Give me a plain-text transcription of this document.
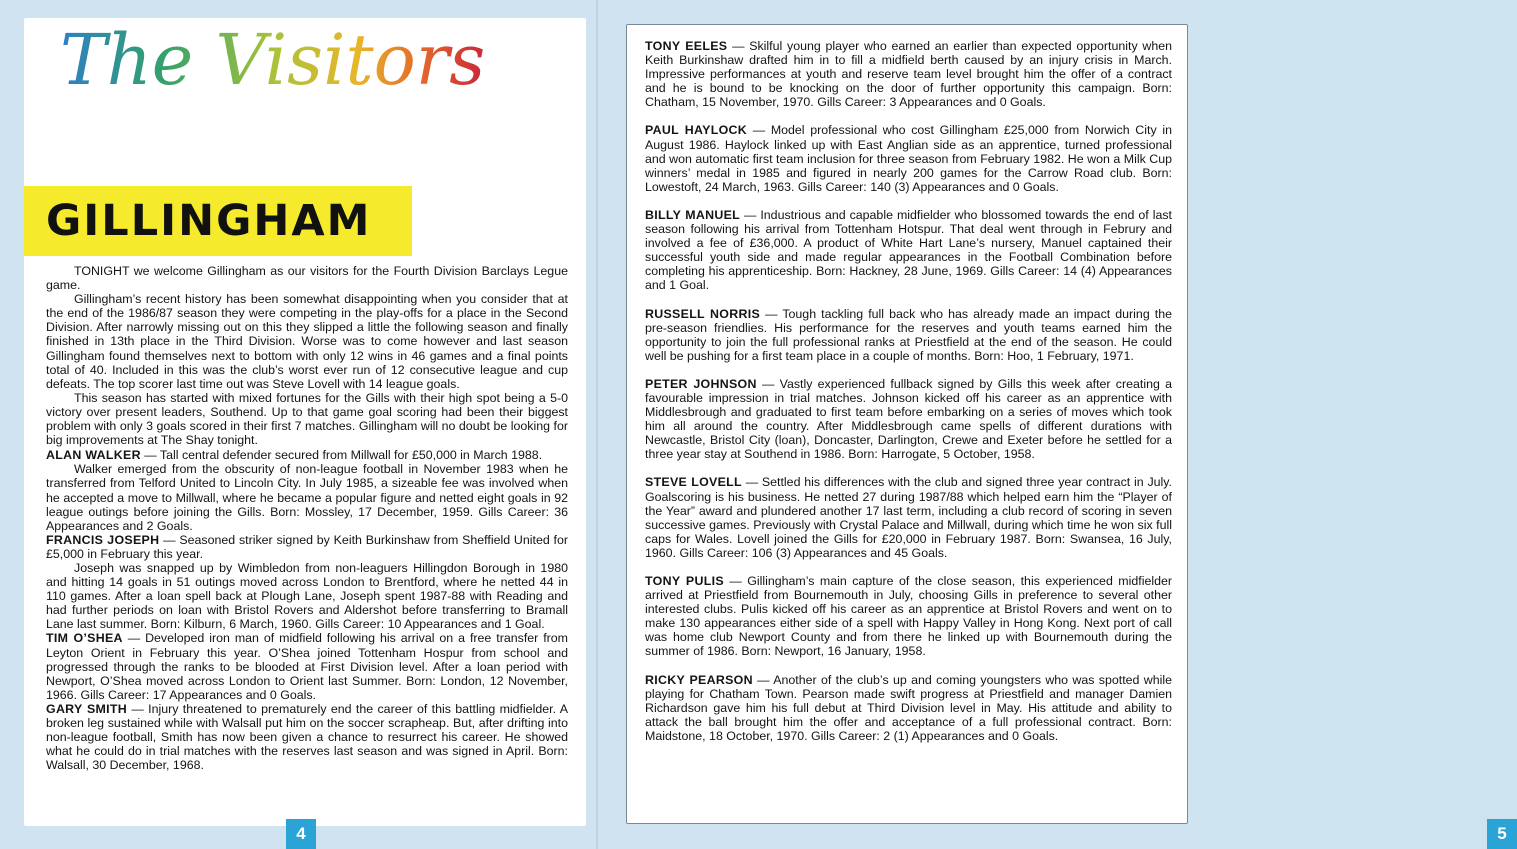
The Visitors
GILLINGHAM

TONIGHT we welcome Gillingham as our visitors for the Fourth Division Barclays Legue game.

Gillingham’s recent history has been somewhat disappointing when you consider that at the end of the 1986/87 season they were competing in the play-offs for a place in the Second Division. After narrowly missing out on this they slipped a little the following season and finally finished in 13th place in the Third Division. Worse was to come however and last season Gillingham found themselves next to bottom with only 12 wins in 46 games and a final points total of 40. Included in this was the club’s worst ever run of 12 consecutive league and cup defeats. The top scorer last time out was Steve Lovell with 14 league goals.

This season has started with mixed fortunes for the Gills with their high spot being a 5-0 victory over present leaders, Southend. Up to that game goal scoring had been their biggest problem with only 3 goals scored in their first 7 matches. Gillingham will no doubt be looking for big improvements at The Shay tonight.

ALAN WALKER — Tall central defender secured from Millwall for £50,000 in March 1988.

Walker emerged from the obscurity of non-league football in November 1983 when he transferred from Telford United to Lincoln City. In July 1985, a sizeable fee was involved when he accepted a move to Millwall, where he became a popular figure and netted eight goals in 92 league outings before joining the Gills. Born: Mossley, 17 December, 1959. Gills Career: 36 Appearances and 2 Goals.

FRANCIS JOSEPH — Seasoned striker signed by Keith Burkinshaw from Sheffield United for £5,000 in February this year.

Joseph was snapped up by Wimbledon from non-leaguers Hillingdon Borough in 1980 and hitting 14 goals in 51 outings moved across London to Brentford, where he netted 44 in 110 games. After a loan spell back at Plough Lane, Joseph spent 1987-88 with Reading and had further periods on loan with Bristol Rovers and Aldershot before transferring to Bramall Lane last summer. Born: Kilburn, 6 March, 1960. Gills Career: 10 Appearances and 1 Goal.

TIM O’SHEA — Developed iron man of midfield following his arrival on a free transfer from Leyton Orient in February this year. O’Shea joined Tottenham Hospur from school and progressed through the ranks to be blooded at First Division level. After a loan period with Newport, O’Shea moved across London to Orient last Summer. Born: London, 12 November, 1966. Gills Career: 17 Appearances and 0 Goals.

GARY SMITH — Injury threatened to prematurely end the career of this battling midfielder. A broken leg sustained while with Walsall put him on the soccer scrapheap. But, after drifting into non-league football, Smith has now been given a chance to resurrect his career. He showed what he could do in trial matches with the reserves last season and was signed in April. Born: Walsall, 30 December, 1968.

4

TONY EELES — Skilful young player who earned an earlier than expected opportunity when Keith Burkinshaw drafted him in to fill a midfield berth caused by an injury crisis in March. Impressive performances at youth and reserve team level brought him the offer of a contract and he is bound to be knocking on the door of further opportunity this campaign. Born: Chatham, 15 November, 1970. Gills Career: 3 Appearances and 0 Goals.

PAUL HAYLOCK — Model professional who cost Gillingham £25,000 from Norwich City in August 1986. Haylock linked up with East Anglian side as an apprentice, turned professional and won automatic first team inclusion for three season from February 1982. He won a Milk Cup winners’ medal in 1985 and figured in nearly 200 games for the Carrow Road club. Born: Lowestoft, 24 March, 1963. Gills Career: 140 (3) Appearances and 0 Goals.

BILLY MANUEL — Industrious and capable midfielder who blossomed towards the end of last season following his arrival from Tottenham Hotspur. That deal went through in Februry and involved a fee of £36,000. A product of White Hart Lane’s nursery, Manuel captained their successful youth side and made regular appearances in the Football Combination before completing his apprenticeship. Born: Hackney, 28 June, 1969. Gills Career: 14 (4) Appearances and 1 Goal.

RUSSELL NORRIS — Tough tackling full back who has already made an impact during the pre-season friendlies. His performance for the reserves and youth teams earned him the opportunity to join the full professional ranks at Priestfield at the end of the season. He could well be pushing for a first team place in a couple of months. Born: Hoo, 1 February, 1971.

PETER JOHNSON — Vastly experienced fullback signed by Gills this week after creating a favourable impression in trial matches. Johnson kicked off his career as an apprentice with Middlesbrough and graduated to first team before embarking on a series of moves which took him all around the country. After Middlesbrough came spells of different durations with Newcastle, Bristol City (loan), Doncaster, Darlington, Crewe and Exeter before he settled for a three year stay at Southend in 1986. Born: Harrogate, 5 October, 1958.

STEVE LOVELL — Settled his differences with the club and signed three year contract in July. Goalscoring is his business. He netted 27 during 1987/88 which helped earn him the “Player of the Year” award and plundered another 17 last term, including a club record of scoring in seven successive games. Previously with Crystal Palace and Millwall, during which time he won six full caps for Wales. Lovell joined the Gills for £20,000 in February 1987. Born: Swansea, 16 July, 1960. Gills Career: 106 (3) Appearances and 45 Goals.

TONY PULIS — Gillingham’s main capture of the close season, this experienced midfielder arrived at Priestfield from Bournemouth in July, choosing Gills in preference to several other interested clubs. Pulis kicked off his career as an apprentice at Bristol Rovers and went on to make 130 appearances either side of a spell with Happy Valley in Hong Kong. Next port of call was home club Newport County and from there he linked up with Bournemouth during the summer of 1986. Born: Newport, 16 January, 1958.

RICKY PEARSON — Another of the club’s up and coming youngsters who was spotted while playing for Chatham Town. Pearson made swift progress at Priestfield and manager Damien Richardson gave him his full debut at Third Division level in May. His attitude and ability to attack the ball brought him the offer and acceptance of a full professional contract. Born: Maidstone, 18 October, 1970. Gills Career: 2 (1) Appearances and 0 Goals.

5
